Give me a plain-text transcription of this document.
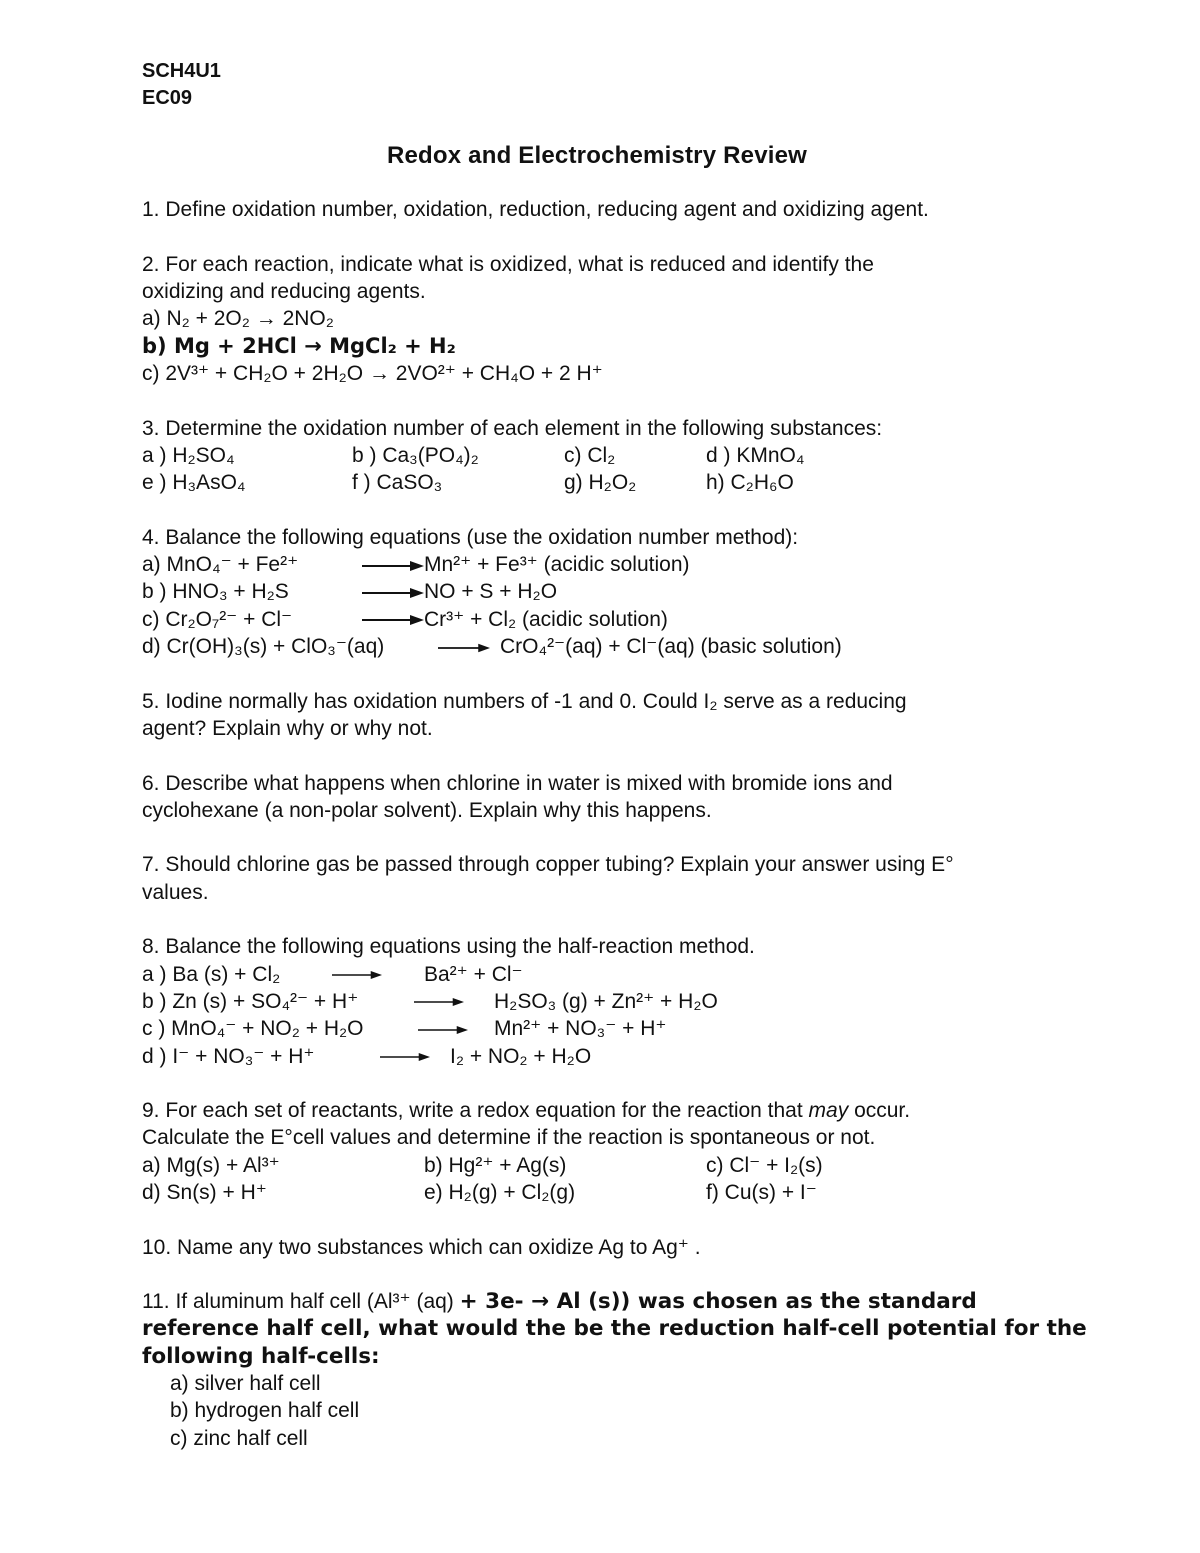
SCH4U1
EC09
Redox and Electrochemistry Review
1. Define oxidation number, oxidation, reduction, reducing agent and oxidizing agent.
2. For each reaction, indicate what is oxidized, what is reduced and identify the
oxidizing and reducing agents.
a) N₂ + 2O₂ → 2NO₂
b) Mg + 2HCl → MgCl₂ + H₂
c) 2V³⁺ + CH₂O + 2H₂O → 2VO²⁺ + CH₄O + 2 H⁺
3. Determine the oxidation number of each element in the following substances:
a ) H₂SO₄	b ) Ca₃(PO₄)₂	c) Cl₂	d ) KMnO₄
e ) H₃AsO₄	f ) CaSO₃	g) H₂O₂	h) C₂H₆O
4. Balance the following equations (use the oxidation number method):
a) MnO₄⁻ + Fe²⁺	Mn²⁺ + Fe³⁺ (acidic solution)
b ) HNO₃ + H₂S	NO + S + H₂O
c) Cr₂O₇²⁻ + Cl⁻	Cr³⁺ + Cl₂ (acidic solution)
d) Cr(OH)₃(s) + ClO₃⁻(aq)	CrO₄²⁻(aq) + Cl⁻(aq) (basic solution)
5. Iodine normally has oxidation numbers of -1 and 0. Could I₂ serve as a reducing
agent? Explain why or why not.
6. Describe what happens when chlorine in water is mixed with bromide ions and
cyclohexane (a non-polar solvent). Explain why this happens.
7. Should chlorine gas be passed through copper tubing? Explain your answer using E°
values.
8. Balance the following equations using the half-reaction method.
a ) Ba (s) + Cl₂	Ba²⁺ + Cl⁻
b ) Zn (s) + SO₄²⁻ + H⁺	H₂SO₃ (g) + Zn²⁺ + H₂O
c ) MnO₄⁻ + NO₂ + H₂O	Mn²⁺ + NO₃⁻ + H⁺
d ) I⁻ + NO₃⁻ + H⁺	I₂ + NO₂ + H₂O
9. For each set of reactants, write a redox equation for the reaction that may occur.
Calculate the E°cell values and determine if the reaction is spontaneous or not.
a) Mg(s) + Al³⁺	b) Hg²⁺ + Ag(s)	c) Cl⁻ + I₂(s)
d) Sn(s) + H⁺	e) H₂(g) + Cl₂(g)	f) Cu(s) + I⁻
10. Name any two substances which can oxidize Ag to Ag⁺ .
11. If aluminum half cell (Al³⁺ (aq) + 3e- → Al (s)) was chosen as the standard
reference half cell, what would the be the reduction half-cell potential for the
following half-cells:
a) silver half cell
b) hydrogen half cell
c) zinc half cell
